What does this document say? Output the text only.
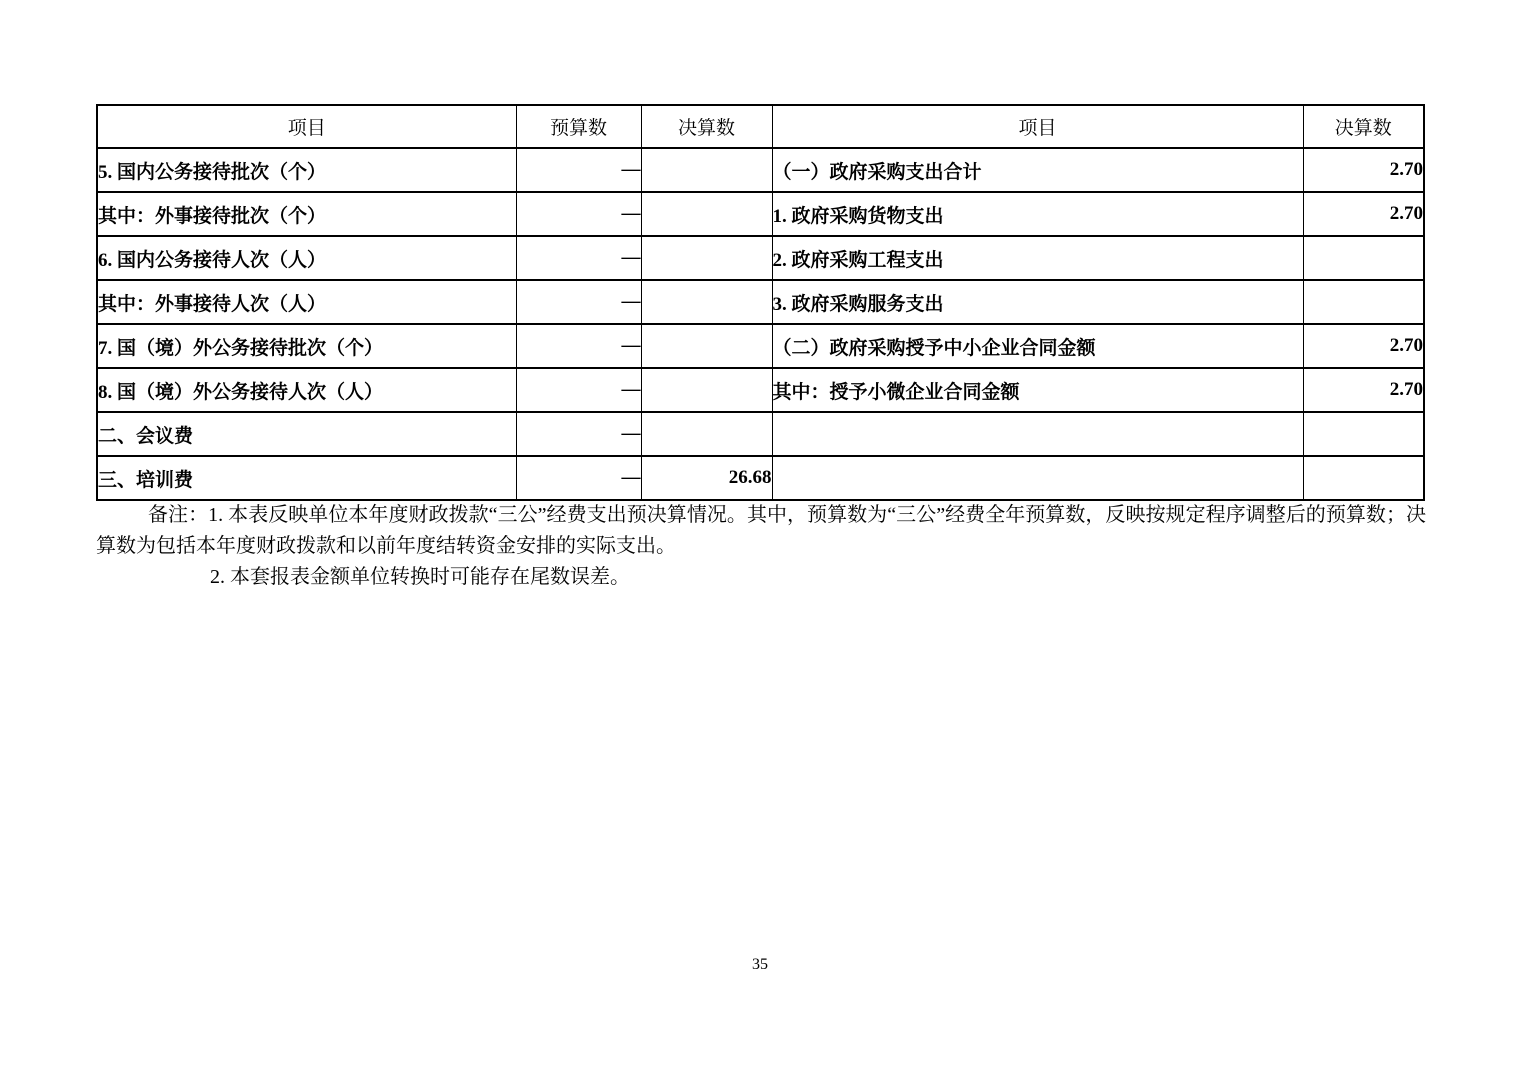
项目	预算数	决算数	项目	决算数
5. 国内公务接待批次（个）	—		（一）政府采购支出合计	2.70
其中：外事接待批次（个）	—		1. 政府采购货物支出	2.70
6. 国内公务接待人次（人）	—		2. 政府采购工程支出	
其中：外事接待人次（人）	—		3. 政府采购服务支出	
7. 国（境）外公务接待批次（个）	—		（二）政府采购授予中小企业合同金额	2.70
8. 国（境）外公务接待人次（人）	—		其中：授予小微企业合同金额	2.70
二、会议费	—			
三、培训费	—	26.68		

备注：1. 本表反映单位本年度财政拨款“三公”经费支出预决算情况。其中，预算数为“三公”经费全年预算数，反映按规定程序调整后的预算数；决算数为包括本年度财政拨款和以前年度结转资金安排的实际支出。

2. 本套报表金额单位转换时可能存在尾数误差。

35
